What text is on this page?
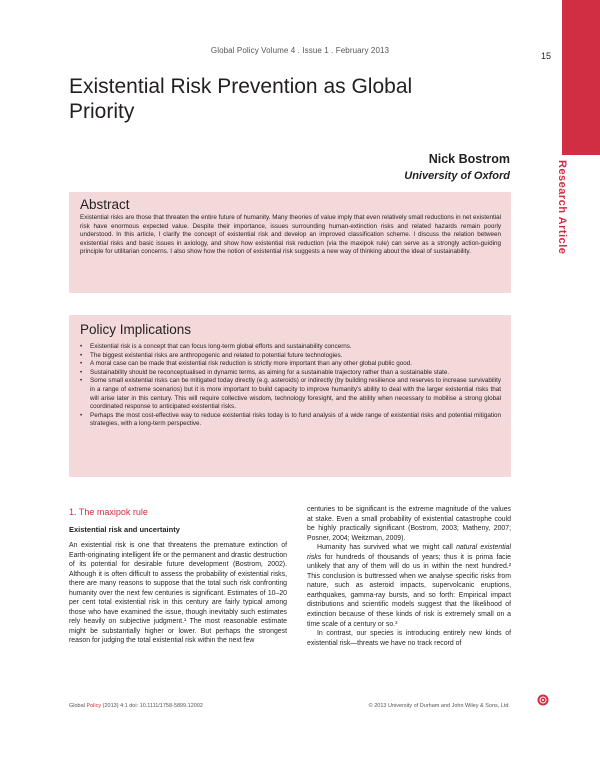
Global Policy Volume 4 . Issue 1 . February 2013
15
Research Article
Existential Risk Prevention as Global Priority
Nick Bostrom
University of Oxford
Abstract
Existential risks are those that threaten the entire future of humanity. Many theories of value imply that even relatively small reductions in net existential risk have enormous expected value. Despite their importance, issues surrounding human-extinction risks and related hazards remain poorly understood. In this article, I clarify the concept of existential risk and develop an improved classification scheme. I discuss the relation between existential risks and basic issues in axiology, and show how existential risk reduction (via the maxipok rule) can serve as a strongly action-guiding principle for utilitarian concerns. I also show how the notion of existential risk suggests a new way of thinking about the ideal of sustainability.
Policy Implications
• Existential risk is a concept that can focus long-term global efforts and sustainability concerns.
• The biggest existential risks are anthropogenic and related to potential future technologies.
• A moral case can be made that existential risk reduction is strictly more important than any other global public good.
• Sustainability should be reconceptualised in dynamic terms, as aiming for a sustainable trajectory rather than a sustainable state.
• Some small existential risks can be mitigated today directly (e.g. asteroids) or indirectly (by building resilience and reserves to increase survivability in a range of extreme scenarios) but it is more important to build capacity to improve humanity's ability to deal with the larger existential risks that will arise later in this century. This will require collective wisdom, technology foresight, and the ability when necessary to mobilise a strong global coordinated response to anticipated existential risks.
• Perhaps the most cost-effective way to reduce existential risks today is to fund analysis of a wide range of existential risks and potential mitigation strategies, with a long-term perspective.
1. The maxipok rule
Existential risk and uncertainty

An existential risk is one that threatens the premature extinction of Earth-originating intelligent life or the permanent and drastic destruction of its potential for desirable future development (Bostrom, 2002). Although it is often difficult to assess the probability of existential risks, there are many reasons to suppose that the total such risk confronting humanity over the next few centuries is significant. Estimates of 10–20 per cent total existential risk in this century are fairly typical among those who have examined the issue, though inevitably such estimates rely heavily on subjective judgment.¹ The most reasonable estimate might be substantially higher or lower. But perhaps the strongest reason for judging the total existential risk within the next few

centuries to be significant is the extreme magnitude of the values at stake. Even a small probability of existential catastrophe could be highly practically significant (Bostrom, 2003; Matheny, 2007; Posner, 2004; Weitzman, 2009).

Humanity has survived what we might call natural existential risks for hundreds of thousands of years; thus it is prima facie unlikely that any of them will do us in within the next hundred.² This conclusion is buttressed when we analyse specific risks from nature, such as asteroid impacts, supervolcanic eruptions, earthquakes, gamma-ray bursts, and so forth: Empirical impact distributions and scientific models suggest that the likelihood of extinction because of these kinds of risk is extremely small on a time scale of a century or so.³

In contrast, our species is introducing entirely new kinds of existential risk—threats we have no track record of

Global Policy (2013) 4:1 doi: 10.1111/1758-5899.12002	© 2013 University of Durham and John Wiley & Sons, Ltd.
